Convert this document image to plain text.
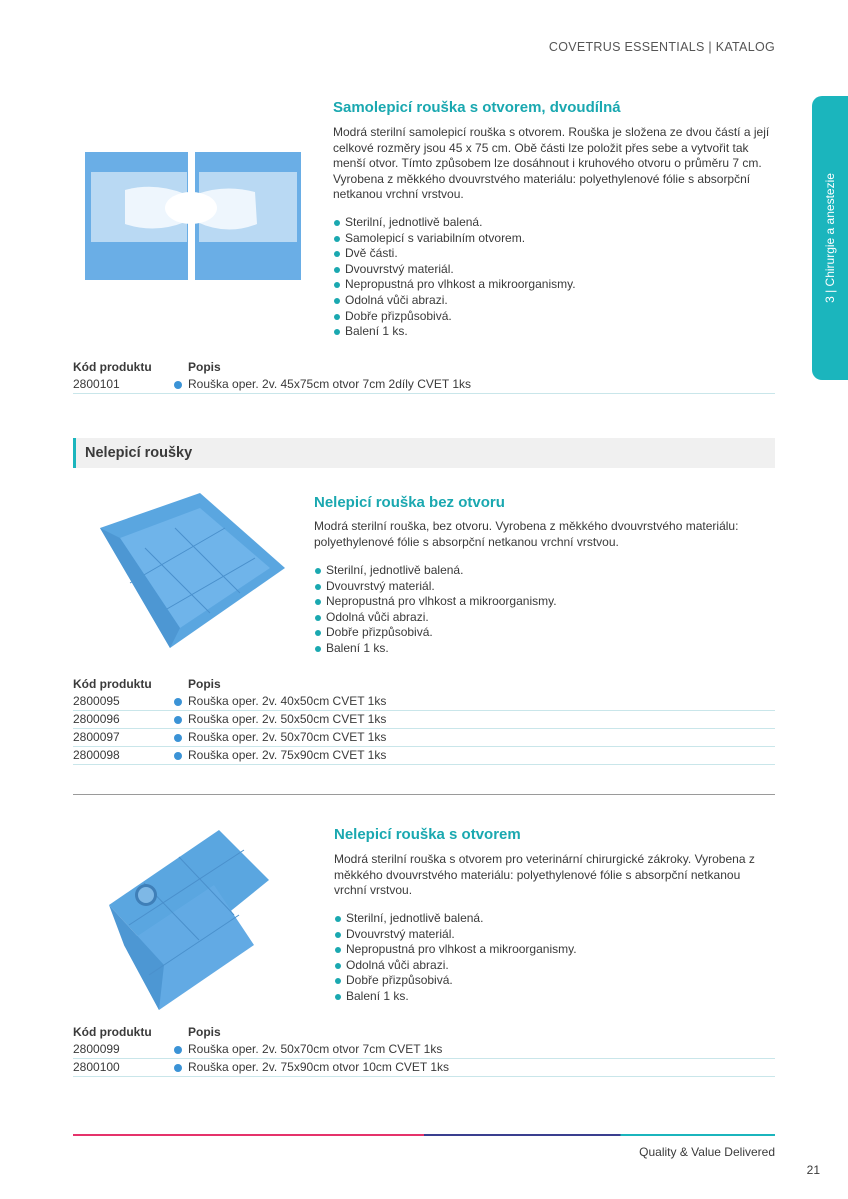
COVETRUS ESSENTIALS | KATALOG
3 | Chirurgie a anestezie
Samolepicí rouška s otvorem, dvoudílná
Modrá sterilní samolepicí rouška s otvorem. Rouška je složena ze dvou částí a její celkové rozměry jsou 45 x 75 cm. Obě části lze položit přes sebe a vytvořit tak menší otvor. Tímto způsobem lze dosáhnout i kruhového otvoru o průměru 7 cm. Vyrobena z měkkého dvouvrstvého materiálu: polyethylenové fólie s absorpční netkanou vrchní vrstvou.
Sterilní, jednotlivě balená.
Samolepicí s variabilním otvorem.
Dvě části.
Dvouvrstvý materiál.
Nepropustná pro vlhkost a mikroorganismy.
Odolná vůči abrazi.
Dobře přizpůsobivá.
Balení 1 ks.
Kód produktu	Popis
2800101	Rouška oper. 2v. 45x75cm otvor 7cm 2díly CVET 1ks
Nelepicí roušky
Nelepicí rouška bez otvoru
Modrá sterilní rouška, bez otvoru. Vyrobena z měkkého dvouvrstvého materiálu: polyethylenové fólie s absorpční netkanou vrchní vrstvou.
Sterilní, jednotlivě balená.
Dvouvrstvý materiál.
Nepropustná pro vlhkost a mikroorganismy.
Odolná vůči abrazi.
Dobře přizpůsobivá.
Balení 1 ks.
Kód produktu	Popis
2800095	Rouška oper. 2v. 40x50cm CVET 1ks
2800096	Rouška oper. 2v. 50x50cm CVET 1ks
2800097	Rouška oper. 2v. 50x70cm CVET 1ks
2800098	Rouška oper. 2v. 75x90cm CVET 1ks
Nelepicí rouška s otvorem
Modrá sterilní rouška s otvorem pro veterinární chirurgické zákroky. Vyrobena z měkkého dvouvrstvého materiálu: polyethylenové fólie s absorpční netkanou vrchní vrstvou.
Sterilní, jednotlivě balená.
Dvouvrstvý materiál.
Nepropustná pro vlhkost a mikroorganismy.
Odolná vůči abrazi.
Dobře přizpůsobivá.
Balení 1 ks.
Kód produktu	Popis
2800099	Rouška oper. 2v. 50x70cm otvor 7cm CVET 1ks
2800100	Rouška oper. 2v. 75x90cm otvor 10cm CVET 1ks
Quality & Value Delivered
21
